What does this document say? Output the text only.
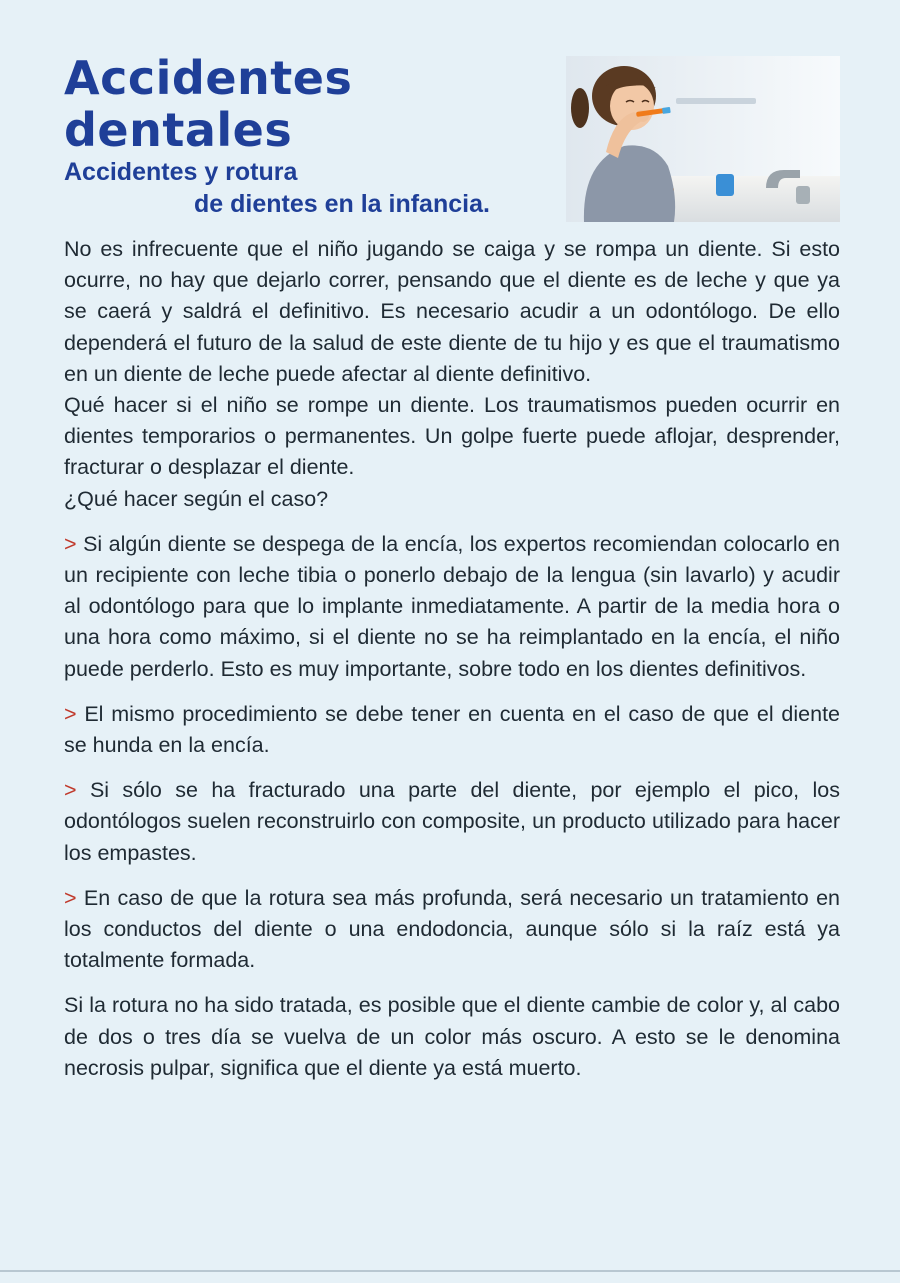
Accidentes
dentales
Accidentes y rotura
de dientes en la infancia.

No es infrecuente que el niño jugando se caiga y se rompa un diente. Si esto ocurre, no hay que dejarlo correr, pensando que el diente es de leche y que ya se caerá y saldrá el definitivo. Es necesario acudir a un odontólogo. De ello dependerá el futuro de la salud de este diente de tu hijo y es que el traumatismo en un diente de leche puede afectar al diente definitivo.

Qué hacer si el niño se rompe un diente. Los traumatismos pueden ocurrir en dientes temporarios o permanentes. Un golpe fuerte puede aflojar, desprender, fracturar o desplazar el diente.

¿Qué hacer según el caso?

> Si algún diente se despega de la encía, los expertos recomiendan colocarlo en un recipiente con leche tibia o ponerlo debajo de la lengua (sin lavarlo) y acudir al odontólogo para que lo implante inmediatamente. A partir de la media hora o una hora como máximo, si el diente no se ha reimplantado en la encía, el niño puede perderlo. Esto es muy importante, sobre todo en los dientes definitivos.

> El mismo procedimiento se debe tener en cuenta en el caso de que el diente se hunda en la encía.

> Si sólo se ha fracturado una parte del diente, por ejemplo el pico, los odontólogos suelen reconstruirlo con composite, un producto utilizado para hacer los empastes.

> En caso de que la rotura sea más profunda, será necesario un tratamiento en los conductos del diente o una endodoncia, aunque sólo si la raíz está ya totalmente formada.

Si la rotura no ha sido tratada, es posible que el diente cambie de color y, al cabo de dos o tres día se vuelva de un color más oscuro. A esto se le denomina necrosis pulpar, significa que el diente ya está muerto.
